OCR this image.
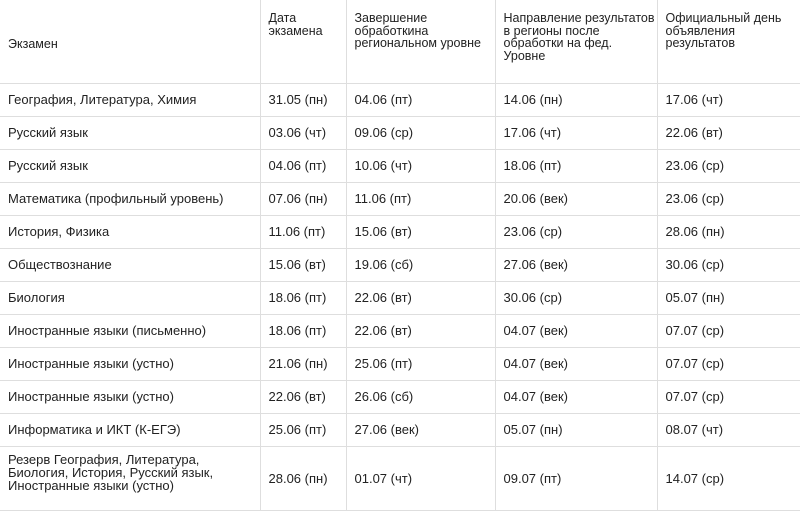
Экзамен	Дата экзамена	Завершение обработкина региональном уровне	Направление результатов в регионы после обработки на фед. Уровне	Официальный день объявления результатов
География, Литература, Химия	31.05 (пн)	04.06 (пт)	14.06 (пн)	17.06 (чт)
Русский язык	03.06 (чт)	09.06 (ср)	17.06 (чт)	22.06 (вт)
Русский язык	04.06 (пт)	10.06 (чт)	18.06 (пт)	23.06 (ср)
Математика (профильный уровень)	07.06 (пн)	11.06 (пт)	20.06 (век)	23.06 (ср)
История, Физика	11.06 (пт)	15.06 (вт)	23.06 (ср)	28.06 (пн)
Обществознание	15.06 (вт)	19.06 (сб)	27.06 (век)	30.06 (ср)
Биология	18.06 (пт)	22.06 (вт)	30.06 (ср)	05.07 (пн)
Иностранные языки (письменно)	18.06 (пт)	22.06 (вт)	04.07 (век)	07.07 (ср)
Иностранные языки (устно)	21.06 (пн)	25.06 (пт)	04.07 (век)	07.07 (ср)
Иностранные языки (устно)	22.06 (вт)	26.06 (сб)	04.07 (век)	07.07 (ср)
Информатика и ИКТ (К-ЕГЭ)	25.06 (пт)	27.06 (век)	05.07 (пн)	08.07 (чт)
Резерв География, Литература, Биология, История, Русский язык, Иностранные языки (устно)	28.06 (пн)	01.07 (чт)	09.07 (пт)	14.07 (ср)
